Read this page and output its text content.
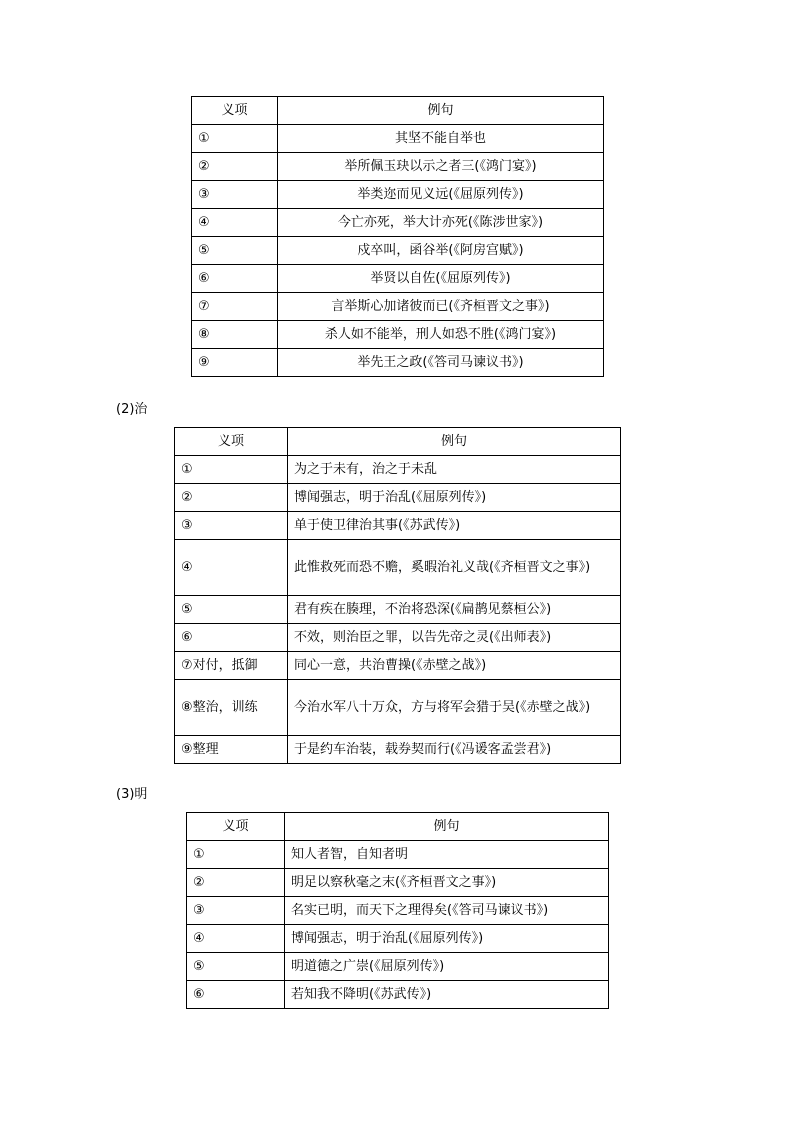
义项	例句
①	其坚不能自举也
②	举所佩玉玦以示之者三(《鸿门宴》)
③	举类迩而见义远(《屈原列传》)
④	今亡亦死，举大计亦死(《陈涉世家》)
⑤	戍卒叫，函谷举(《阿房宫赋》)
⑥	举贤以自佐(《屈原列传》)
⑦	言举斯心加诸彼而已(《齐桓晋文之事》)
⑧	杀人如不能举，刑人如恐不胜(《鸿门宴》)
⑨	举先王之政(《答司马谏议书》)
(2)治
义项	例句
①	为之于未有，治之于未乱
②	博闻强志，明于治乱(《屈原列传》)
③	单于使卫律治其事(《苏武传》)
④	此惟救死而恐不赡，奚暇治礼义哉(《齐桓晋文之事》)
⑤	君有疾在腠理，不治将恐深(《扁鹊见蔡桓公》)
⑥	不效，则治臣之罪，以告先帝之灵(《出师表》)
⑦对付，抵御	同心一意，共治曹操(《赤壁之战》)
⑧整治，训练	今治水军八十万众，方与将军会猎于吴(《赤壁之战》)
⑨整理	于是约车治装，载券契而行(《冯谖客孟尝君》)
(3)明
义项	例句
①	知人者智，自知者明
②	明足以察秋毫之末(《齐桓晋文之事》)
③	名实已明，而天下之理得矣(《答司马谏议书》)
④	博闻强志，明于治乱(《屈原列传》)
⑤	明道德之广崇(《屈原列传》)
⑥	若知我不降明(《苏武传》)
